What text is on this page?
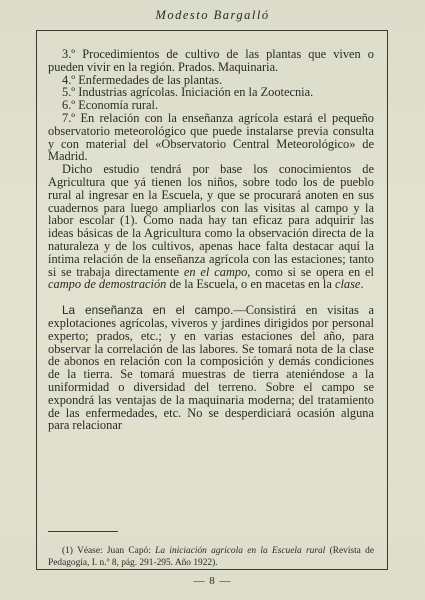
Modesto Bargalló

3.º Procedimientos de cultivo de las plantas que viven o pueden vivir en la región. Prados. Maquinaria.

4.º Enfermedades de las plantas.

5.º Industrias agrícolas. Iniciación en la Zootecnia.

6.º Economía rural.

7.º En relación con la enseñanza agrícola estará el pequeño observatorio meteorológico que puede instalarse previa consulta y con material del «Observatorio Central Meteorológico» de Madrid.

Dicho estudio tendrá por base los conocimientos de Agricultura que yá tienen los niños, sobre todo los de pueblo rural al ingresar en la Escuela, y que se procurará anoten en sus cuadernos para luego ampliarlos con las visitas al campo y la labor escolar (1). Como nada hay tan eficaz para adquirir las ideas básicas de la Agricultura como la observación directa de la naturaleza y de los cultivos, apenas hace falta destacar aquí la íntima relación de la enseñanza agrícola con las estaciones; tanto si se trabaja directamente en el campo, como si se opera en el campo de demostración de la Escuela, o en macetas en la clase.

La enseñanza en el campo.—Consistirá en visitas a explotaciones agrícolas, viveros y jardines dirigidos por personal experto; prados, etc.; y en varias estaciones del año, para observar la correlación de las labores. Se tomará nota de la clase de abonos en relación con la composición y demás condiciones de la tierra. Se tomará muestras de tierra ateniéndose a la uniformidad o diversidad del terreno. Sobre el campo se expondrá las ventajas de la maquinaria moderna; del tratamiento de las enfermedades, etc. No se desperdiciará ocasión alguna para relacionar

(1) Véase: Juan Capó: La iniciación agrícola en la Escuela rural (Revista de Pedagogía, I. n.º 8, pág. 291-295. Año 1922).

— 8 —
